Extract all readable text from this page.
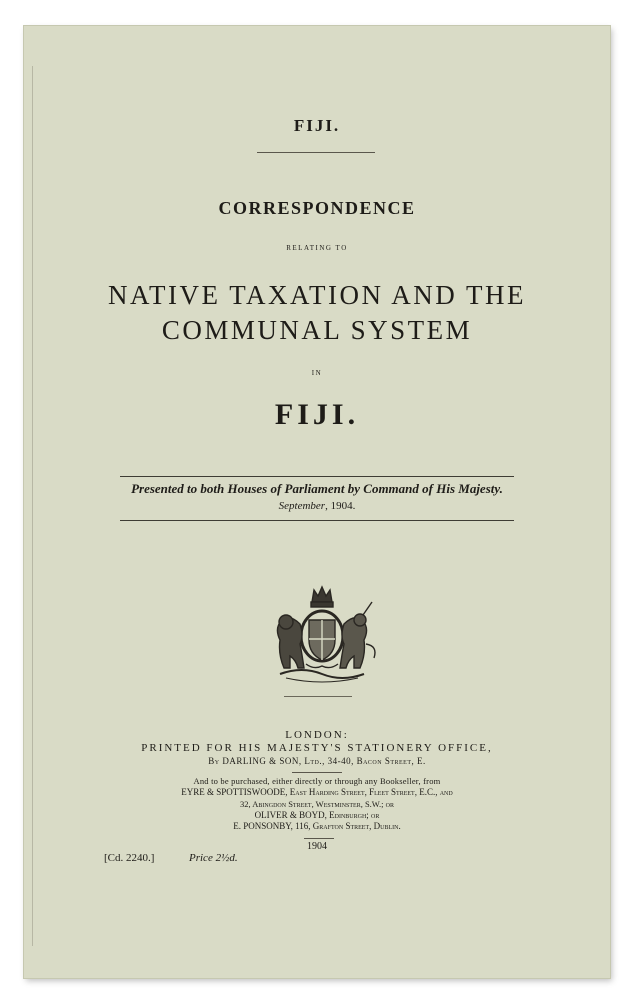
FIJI.
CORRESPONDENCE
RELATING TO
NATIVE TAXATION AND THE
COMMUNAL SYSTEM
IN
FIJI.
Presented to both Houses of Parliament by Command of His Majesty.
September, 1904.
LONDON:
PRINTED FOR HIS MAJESTY'S STATIONERY OFFICE,
By DARLING & SON, Ltd., 34-40, Bacon Street, E.
And to be purchased, either directly or through any Bookseller, from
EYRE & SPOTTISWOODE, East Harding Street, Fleet Street, E.C., and
32, Abingdon Street, Westminster, S.W.; or
OLIVER & BOYD, Edinburgh; or
E. PONSONBY, 116, Grafton Street, Dublin.
1904
[Cd. 2240.]	Price 2½d.
